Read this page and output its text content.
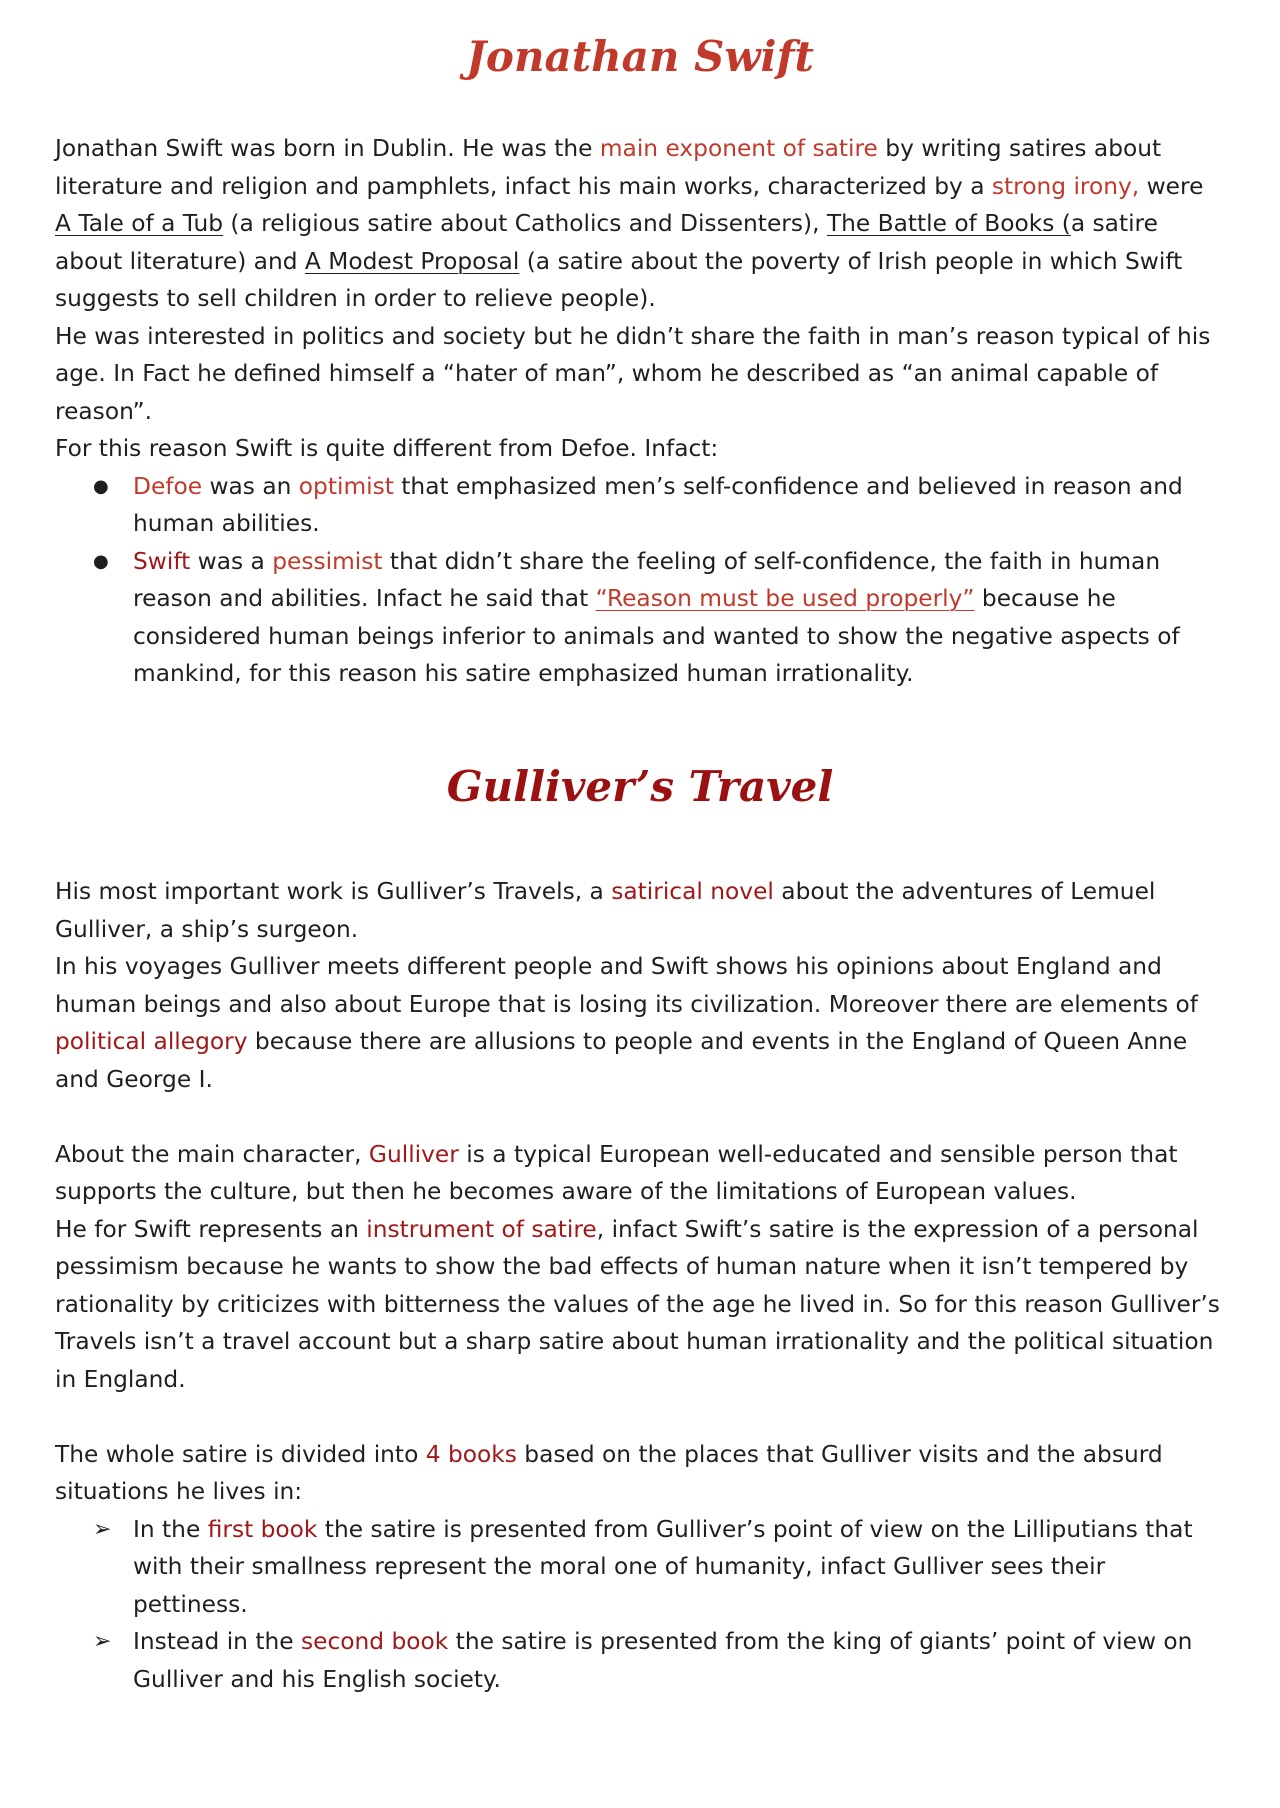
Jonathan Swift

Jonathan Swift was born in Dublin. He was the main exponent of satire by writing satires about literature and religion and pamphlets, infact his main works, characterized by a strong irony, were A Tale of a Tub (a religious satire about Catholics and Dissenters), The Battle of Books (a satire about literature) and A Modest Proposal (a satire about the poverty of Irish people in which Swift suggests to sell children in order to relieve people).

He was interested in politics and society but he didn’t share the faith in man’s reason typical of his age. In Fact he defined himself a “hater of man”, whom he described as “an animal capable of reason”.

For this reason Swift is quite different from Defoe. Infact:

● Defoe was an optimist that emphasized men’s self-confidence and believed in reason and human abilities.
● Swift was a pessimist that didn’t share the feeling of self-confidence, the faith in human reason and abilities. Infact he said that “Reason must be used properly” because he considered human beings inferior to animals and wanted to show the negative aspects of mankind, for this reason his satire emphasized human irrationality.
Gulliver’s Travel

His most important work is Gulliver’s Travels, a satirical novel about the adventures of Lemuel Gulliver, a ship’s surgeon.

In his voyages Gulliver meets different people and Swift shows his opinions about England and human beings and also about Europe that is losing its civilization. Moreover there are elements of political allegory because there are allusions to people and events in the England of Queen Anne and George I.

About the main character, Gulliver is a typical European well-educated and sensible person that supports the culture, but then he becomes aware of the limitations of European values.

He for Swift represents an instrument of satire, infact Swift’s satire is the expression of a personal pessimism because he wants to show the bad effects of human nature when it isn’t tempered by rationality by criticizes with bitterness the values of the age he lived in. So for this reason Gulliver’s Travels isn’t a travel account but a sharp satire about human irrationality and the political situation in England.

The whole satire is divided into 4 books based on the places that Gulliver visits and the absurd situations he lives in:

➢ In the first book the satire is presented from Gulliver’s point of view on the Lilliputians that with their smallness represent the moral one of humanity, infact Gulliver sees their pettiness.
➢ Instead in the second book the satire is presented from the king of giants’ point of view on Gulliver and his English society.
